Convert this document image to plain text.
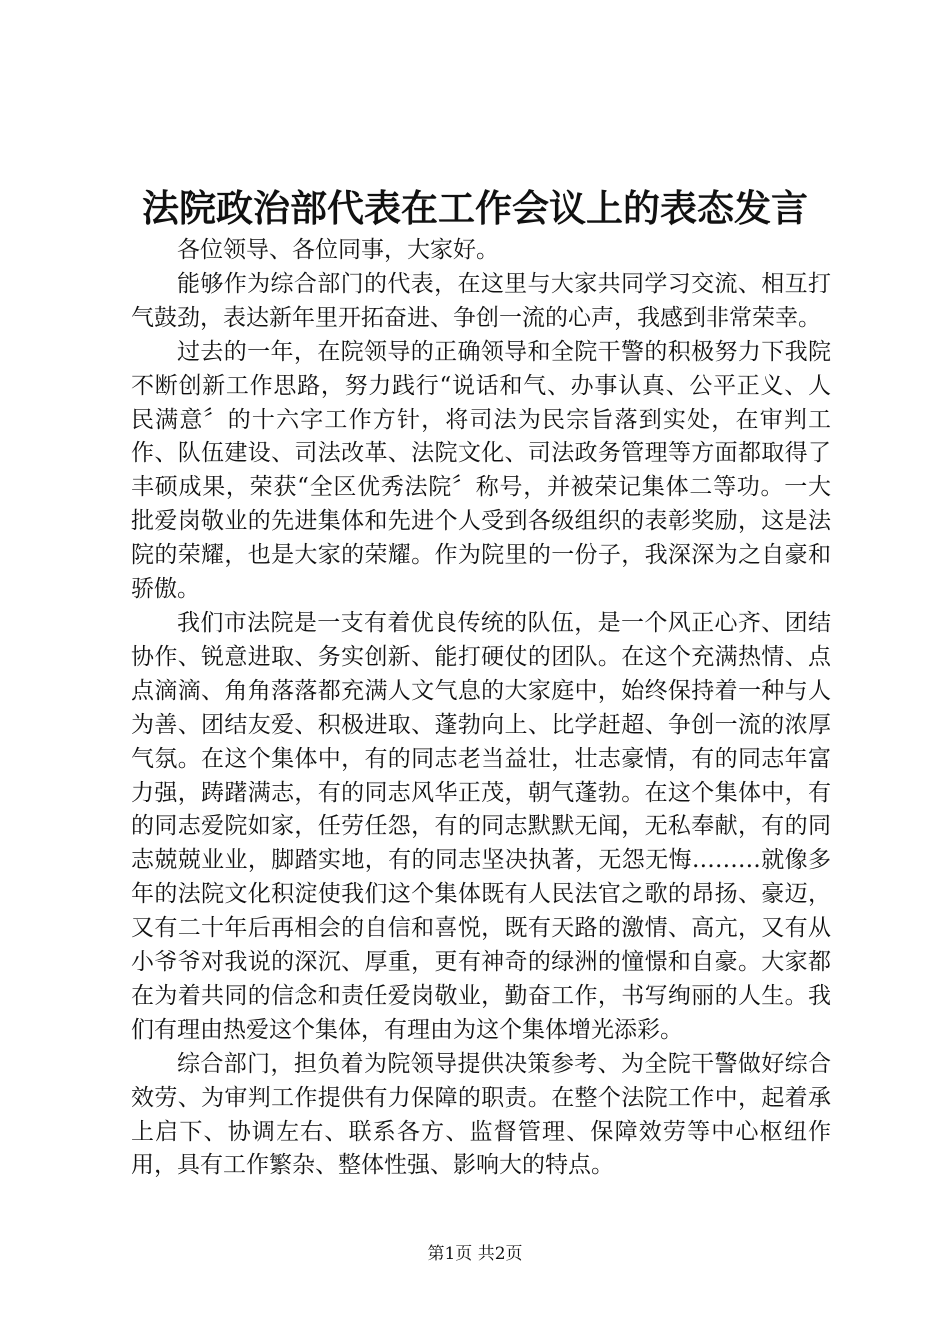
法院政治部代表在工作会议上的表态发言

各位领导、各位同事，大家好。

能够作为综合部门的代表，在这里与大家共同学习交流、相互打气鼓劲，表达新年里开拓奋进、争创一流的心声，我感到非常荣幸。

过去的一年，在院领导的正确领导和全院干警的积极努力下我院不断创新工作思路，努力践行“说话和气、办事认真、公平正义、人民满意〞的十六字工作方针，将司法为民宗旨落到实处，在审判工作、队伍建设、司法改革、法院文化、司法政务管理等方面都取得了丰硕成果，荣获“全区优秀法院〞称号，并被荣记集体二等功。一大批爱岗敬业的先进集体和先进个人受到各级组织的表彰奖励，这是法院的荣耀，也是大家的荣耀。作为院里的一份子，我深深为之自豪和骄傲。

我们市法院是一支有着优良传统的队伍，是一个风正心齐、团结协作、锐意进取、务实创新、能打硬仗的团队。在这个充满热情、点点滴滴、角角落落都充满人文气息的大家庭中，始终保持着一种与人为善、团结友爱、积极进取、蓬勃向上、比学赶超、争创一流的浓厚气氛。在这个集体中，有的同志老当益壮，壮志豪情，有的同志年富力强，踌躇满志，有的同志风华正茂，朝气蓬勃。在这个集体中，有的同志爱院如家，任劳任怨，有的同志默默无闻，无私奉献，有的同志兢兢业业，脚踏实地，有的同志坚决执著，无怨无悔………就像多年的法院文化积淀使我们这个集体既有人民法官之歌的昂扬、豪迈，又有二十年后再相会的自信和喜悦，既有天路的激情、高亢，又有从小爷爷对我说的深沉、厚重，更有神奇的绿洲的憧憬和自豪。大家都在为着共同的信念和责任爱岗敬业，勤奋工作，书写绚丽的人生。我们有理由热爱这个集体，有理由为这个集体增光添彩。

综合部门，担负着为院领导提供决策参考、为全院干警做好综合效劳、为审判工作提供有力保障的职责。在整个法院工作中，起着承上启下、协调左右、联系各方、监督管理、保障效劳等中心枢纽作用，具有工作繁杂、整体性强、影响大的特点。

第1页 共2页
